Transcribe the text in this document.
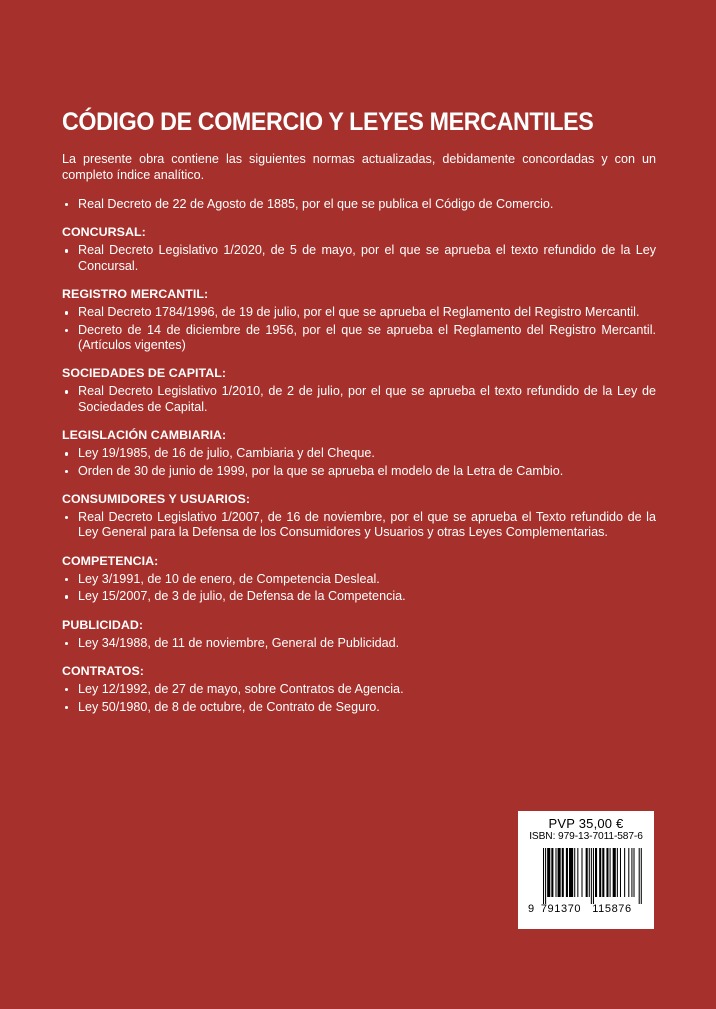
CÓDIGO DE COMERCIO Y LEYES MERCANTILES

La presente obra contiene las siguientes normas actualizadas, debidamente concordadas y con un completo índice analítico.

Real Decreto de 22 de Agosto de 1885, por el que se publica el Código de Comercio.
CONCURSAL:
Real Decreto Legislativo 1/2020, de 5 de mayo, por el que se aprueba el texto refundido de la Ley Concursal.
REGISTRO MERCANTIL:
Real Decreto 1784/1996, de 19 de julio, por el que se aprueba el Reglamento del Registro Mercantil.
Decreto de 14 de diciembre de 1956, por el que se aprueba el Reglamento del Registro Mercantil. (Artículos vigentes)
SOCIEDADES DE CAPITAL:
Real Decreto Legislativo 1/2010, de 2 de julio, por el que se aprueba el texto refundido de la Ley de Sociedades de Capital.
LEGISLACIÓN CAMBIARIA:
Ley 19/1985, de 16 de julio, Cambiaria y del Cheque.
Orden de 30 de junio de 1999, por la que se aprueba el modelo de la Letra de Cambio.
CONSUMIDORES Y USUARIOS:
Real Decreto Legislativo 1/2007, de 16 de noviembre, por el que se aprueba el Texto refundido de la Ley General para la Defensa de los Consumidores y Usuarios y otras Leyes Complementarias.
COMPETENCIA:
Ley 3/1991, de 10 de enero, de Competencia Desleal.
Ley 15/2007, de 3 de julio, de Defensa de la Competencia.
PUBLICIDAD:
Ley 34/1988, de 11 de noviembre, General de Publicidad.
CONTRATOS:
Ley 12/1992, de 27 de mayo, sobre Contratos de Agencia.
Ley 50/1980, de 8 de octubre, de Contrato de Seguro.
PVP 35,00 €
ISBN: 979-13-7011-587-6
9 791370 115876
